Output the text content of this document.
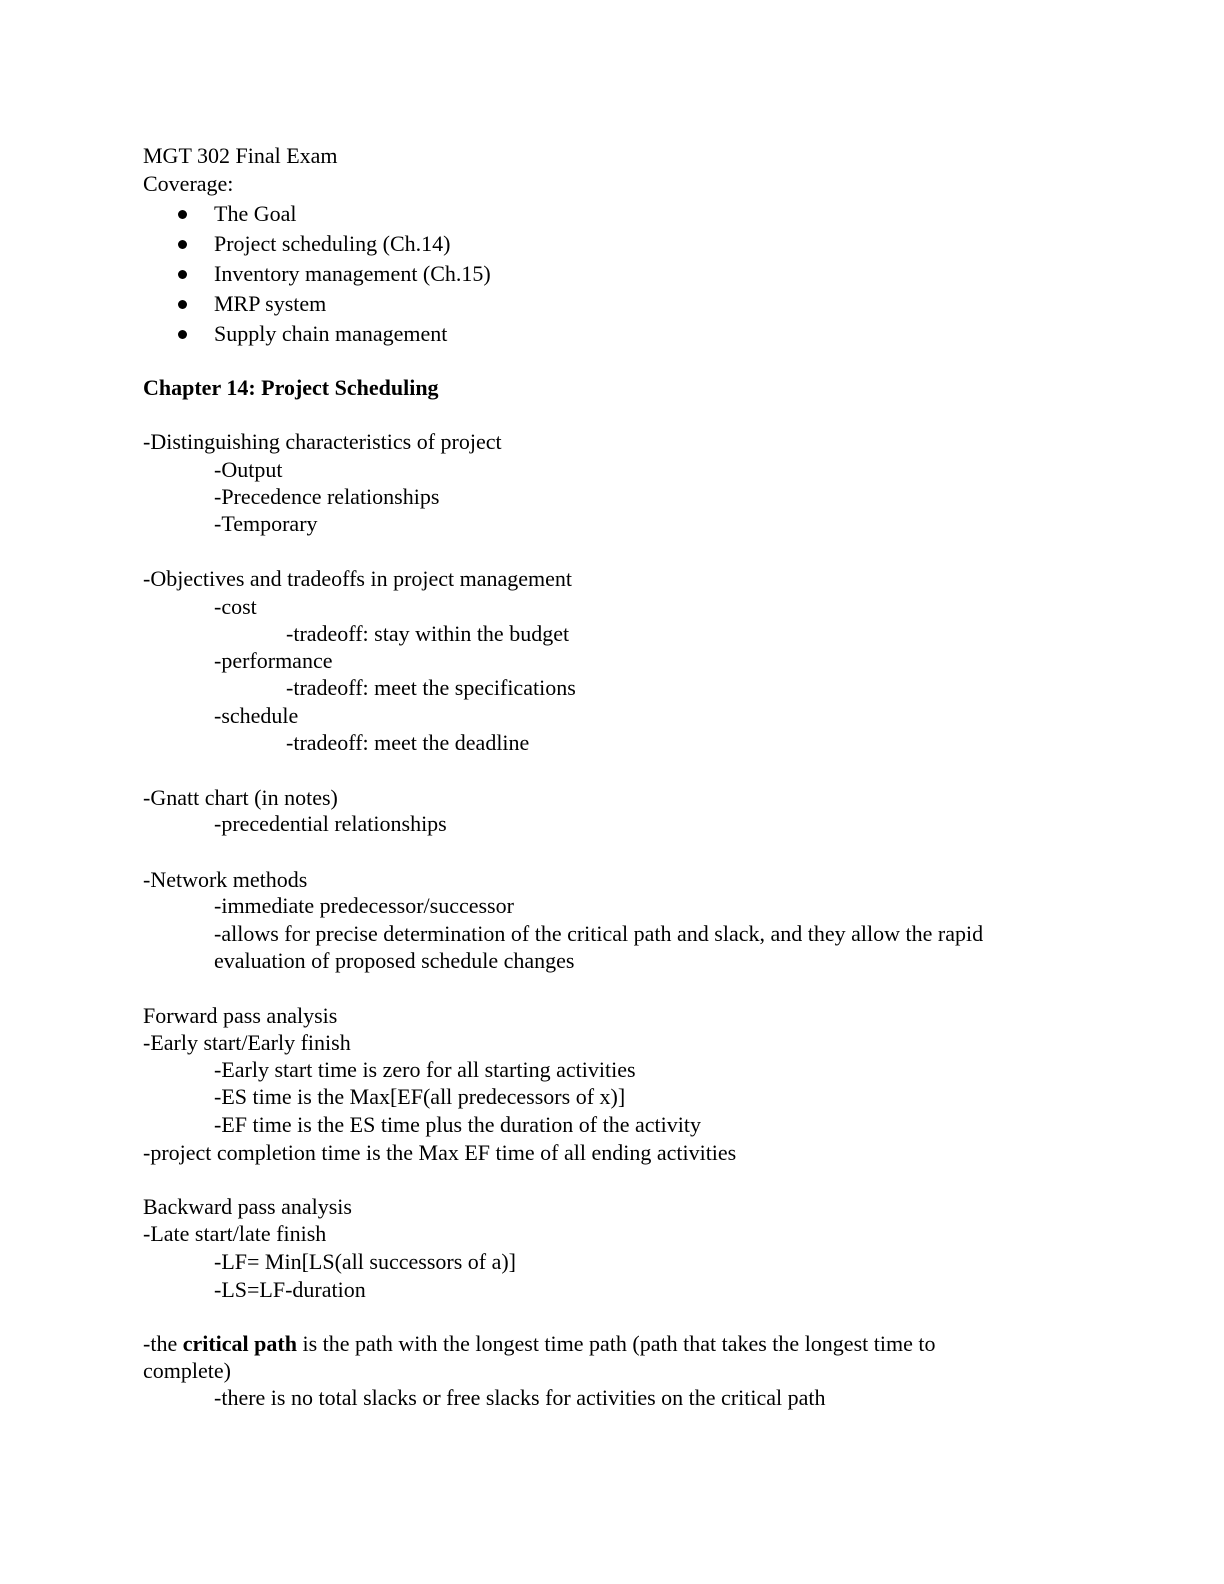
MGT 302 Final Exam
Coverage:
The Goal
Project scheduling (Ch.14)
Inventory management (Ch.15)
MRP system
Supply chain management
Chapter 14: Project Scheduling
-Distinguishing characteristics of project
-Output
-Precedence relationships
-Temporary
-Objectives and tradeoffs in project management
-cost
-tradeoff: stay within the budget
-performance
-tradeoff: meet the specifications
-schedule
-tradeoff: meet the deadline
-Gnatt chart (in notes)
-precedential relationships
-Network methods
-immediate predecessor/successor
-allows for precise determination of the critical path and slack, and they allow the rapid
evaluation of proposed schedule changes
Forward pass analysis
-Early start/Early finish
-Early start time is zero for all starting activities
-ES time is the Max[EF(all predecessors of x)]
-EF time is the ES time plus the duration of the activity
-project completion time is the Max EF time of all ending activities
Backward pass analysis
-Late start/late finish
-LF= Min[LS(all successors of a)]
-LS=LF-duration
-the critical path is the path with the longest time path (path that takes the longest time to
complete)
-there is no total slacks or free slacks for activities on the critical path
